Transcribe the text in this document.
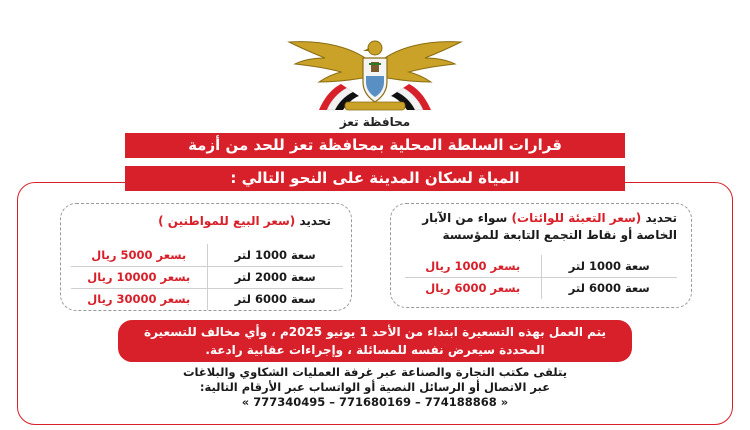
محافظة تعز
قرارات السلطة المحلية بمحافظة تعز للحد من أزمة
المياة لسكان المدينة على النحو التالي :
تحديد (سعر التعبئة للوائتات) سواء من الآبار
الخاصة أو نقاط التجمع التابعة للمؤسسة
سعة 1000 لتر	بسعر 1000 ريال
سعة 6000 لتر	بسعر 6000 ريال
تحديد (سعر البيع للمواطنين )
سعة 1000 لتر	بسعر 5000 ريال
سعة 2000 لتر	بسعر 10000 ريال
سعة 6000 لتر	بسعر 30000 ريال
يتم العمل بهذه التسعيرة ابتداء من الأحد 1 يونيو 2025م ، وأي مخالف للتسعيرة
المحددة سيعرض نفسه للمسائلة ، وإجراءات عقابية رادعة.
يتلقى مكتب التجارة والصناعة عبر غرفة العمليات الشكاوي والبلاغات
عبر الاتصال أو الرسائل النصية أو الواتساب عبر الأرقام التالية:
« 777340495 – 771680169 – 774188868 »
